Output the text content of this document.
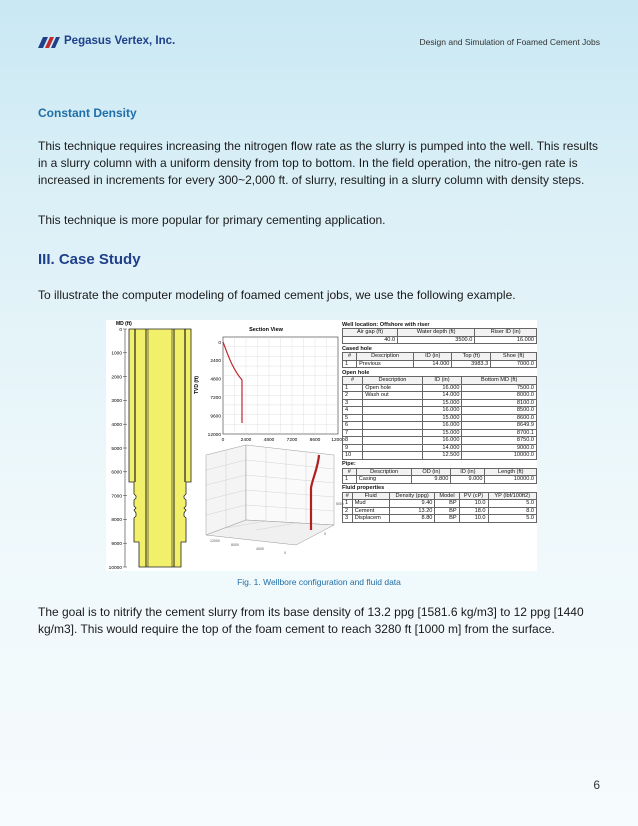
Pegasus Vertex, Inc.	Design and Simulation of Foamed Cement Jobs
Constant Density

This technique requires increasing the nitrogen flow rate as the slurry is pumped into the well. This results in a slurry column with a uniform density from top to bottom. In the field operation, the nitro-gen rate is increased in increments for every 300~2,000 ft. of slurry, resulting in a slurry column with density steps.

This technique is more popular for primary cementing application.

III. Case Study

To illustrate the computer modeling of foamed cement jobs, we use the following example.

MD (ft)
0
1000
2000
3000
4000
5000
6000
7000
8000
9000
10000
Section View
TVD (ft)
0
2400
4800
7200
9600
12000
0	2400	4800	7200	8600 12000
12000
8000
4000
0
0
5000
Well location: Offshore with riser
Air gap (ft)	Water depth (ft)	Riser ID (in)
40.0	3500.0	16.000
Cased hole
#	Description	ID (in)	Top (ft)	Shoe (ft)
1	Previous	14.000	3983.3	7000.0
Open hole
#	Description	ID (in)	Bottom MD (ft)
1	Open hole	16.000	7500.0
2	Wash out	14.000	8000.0
3		15.000	8100.0
4		16.000	8500.0
5		15.000	8600.0
6		16.000	8649.9
7		15.000	8700.1
8		16.000	8750.0
9		14.000	9000.0
10		12.500	10000.0
Pipe:
#	Description	OD (in)	ID (in)	Length (ft)
1	Casing	9.800	9.000	10000.0
Fluid properties
#	Fluid	Density (ppg)	Model	PV (cP)	YP (lbf/100ft2)
1	Mud	9.40	BP	10.0	5.0
2	Cement	13.20	BP	18.0	8.0
3	Displacem	8.80	BP	10.0	5.0
Fig. 1. Wellbore configuration and fluid data

The goal is to nitrify the cement slurry from its base density of 13.2 ppg [1581.6 kg/m3] to 12 ppg [1440 kg/m3]. This would require the top of the foam cement to reach 3280 ft [1000 m] from the surface.

6
